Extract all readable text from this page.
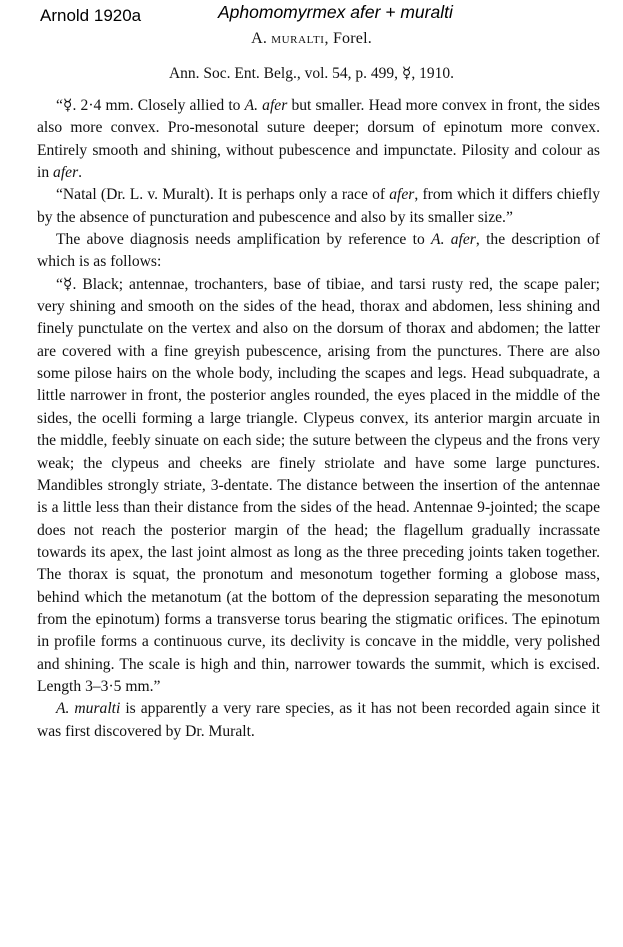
Arnold 1920a	Aphomomyrmex afer + muralti
A. muralti, Forel.
Ann. Soc. Ent. Belg., vol. 54, p. 499, ☿, 1910.

“☿. 2·4 mm. Closely allied to A. afer but smaller. Head more convex in front, the sides also more convex. Pro-mesonotal suture deeper; dorsum of epinotum more convex. Entirely smooth and shining, without pubescence and impunctate. Pilosity and colour as in afer.

“Natal (Dr. L. v. Muralt). It is perhaps only a race of afer, from which it differs chiefly by the absence of puncturation and pubescence and also by its smaller size.”

The above diagnosis needs amplification by reference to A. afer, the description of which is as follows:

“☿. Black; antennae, trochanters, base of tibiae, and tarsi rusty red, the scape paler; very shining and smooth on the sides of the head, thorax and abdomen, less shining and finely punctulate on the vertex and also on the dorsum of thorax and abdomen; the latter are covered with a fine greyish pubescence, arising from the punctures. There are also some pilose hairs on the whole body, including the scapes and legs. Head subquadrate, a little narrower in front, the posterior angles rounded, the eyes placed in the middle of the sides, the ocelli forming a large triangle. Clypeus convex, its anterior margin arcuate in the middle, feebly sinuate on each side; the suture between the clypeus and the frons very weak; the clypeus and cheeks are finely striolate and have some large punctures. Mandibles strongly striate, 3-dentate. The distance between the insertion of the antennae is a little less than their distance from the sides of the head. Antennae 9-jointed; the scape does not reach the posterior margin of the head; the flagellum gradually incrassate towards its apex, the last joint almost as long as the three preceding joints taken together. The thorax is squat, the pronotum and mesonotum together forming a globose mass, behind which the metanotum (at the bottom of the depression separating the mesonotum from the epinotum) forms a transverse torus bearing the stigmatic orifices. The epinotum in profile forms a continuous curve, its declivity is concave in the middle, very polished and shining. The scale is high and thin, narrower towards the summit, which is excised. Length 3–3·5 mm.”

A. muralti is apparently a very rare species, as it has not been recorded again since it was first discovered by Dr. Muralt.
